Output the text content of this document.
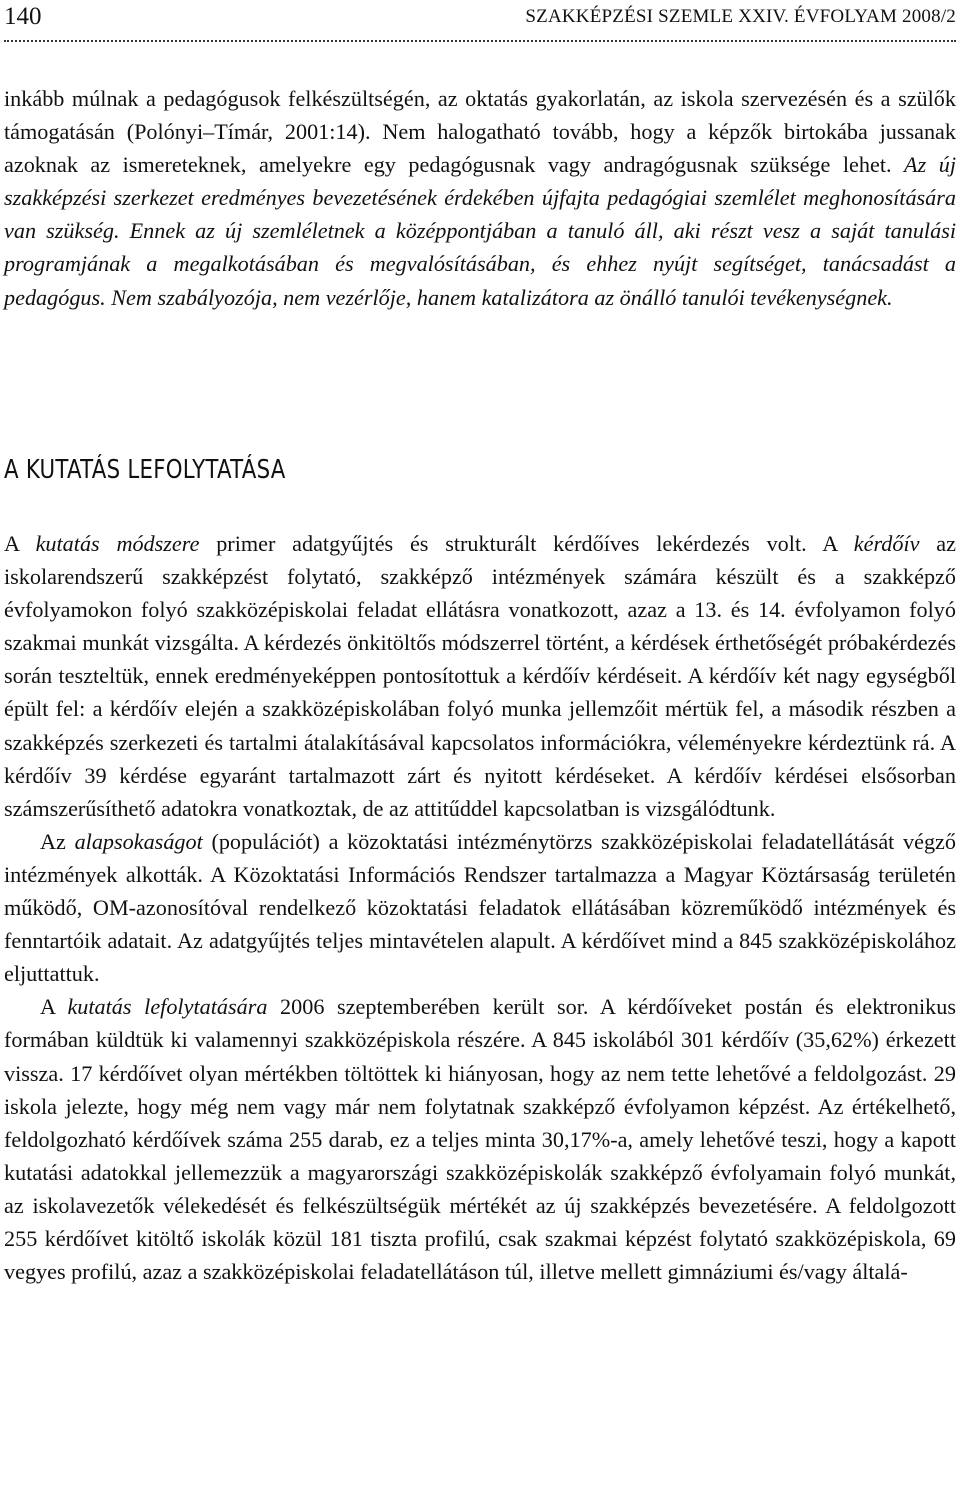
140	SZAKKÉPZÉSI SZEMLE XXIV. ÉVFOLYAM 2008/2

inkább múlnak a pedagógusok felkészültségén, az oktatás gyakorlatán, az iskola szervezésén és a szülők támogatásán (Polónyi–Tímár, 2001:14). Nem halogatható tovább, hogy a képzők birtokába jussanak azoknak az ismereteknek, amelyekre egy pedagógusnak vagy andragógusnak szüksége lehet. Az új szakképzési szerkezet eredményes bevezetésének érdekében újfajta pedagógiai szemlélet meghonosítására van szükség. Ennek az új szemléletnek a középpontjában a tanuló áll, aki részt vesz a saját tanulási programjának a megalkotásában és megvalósításában, és ehhez nyújt segítséget, tanácsadást a pedagógus. Nem szabályozója, nem vezérlője, hanem katalizátora az önálló tanulói tevékenységnek.

A KUTATÁS LEFOLYTATÁSA

A kutatás módszere primer adatgyűjtés és strukturált kérdőíves lekérdezés volt. A kérdőív az iskolarendszerű szakképzést folytató, szakképző intézmények számára készült és a szakképző évfolyamokon folyó szakközépiskolai feladat ellátásra vonatkozott, azaz a 13. és 14. évfolyamon folyó szakmai munkát vizsgálta. A kérdezés önkitöltős módszerrel történt, a kérdések érthetőségét próbakérdezés során teszteltük, ennek eredményeképpen pontosítottuk a kérdőív kérdéseit. A kérdőív két nagy egységből épült fel: a kérdőív elején a szakközépiskolában folyó munka jellemzőit mértük fel, a második részben a szakképzés szerkezeti és tartalmi átalakításával kapcsolatos információkra, véleményekre kérdeztünk rá. A kérdőív 39 kérdése egyaránt tartalmazott zárt és nyitott kérdéseket. A kérdőív kérdései elsősorban számszerűsíthető adatokra vonatkoztak, de az attitűddel kapcsolatban is vizsgálódtunk.

Az alapsokaságot (populációt) a közoktatási intézménytörzs szakközépiskolai feladatellátását végző intézmények alkották. A Közoktatási Információs Rendszer tartalmazza a Magyar Köztársaság területén működő, OM-azonosítóval rendelkező közoktatási feladatok ellátásában közreműködő intézmények és fenntartóik adatait. Az adatgyűjtés teljes mintavételen alapult. A kérdőívet mind a 845 szakközépiskolához eljuttattuk.

A kutatás lefolytatására 2006 szeptemberében került sor. A kérdőíveket postán és elektronikus formában küldtük ki valamennyi szakközépiskola részére. A 845 iskolából 301 kérdőív (35,62%) érkezett vissza. 17 kérdőívet olyan mértékben töltöttek ki hiányosan, hogy az nem tette lehetővé a feldolgozást. 29 iskola jelezte, hogy még nem vagy már nem folytatnak szakképző évfolyamon képzést. Az értékelhető, feldolgozható kérdőívek száma 255 darab, ez a teljes minta 30,17%-a, amely lehetővé teszi, hogy a kapott kutatási adatokkal jellemezzük a magyarországi szakközépiskolák szakképző évfolyamain folyó munkát, az iskolavezetők vélekedését és felkészültségük mértékét az új szakképzés bevezetésére. A feldolgozott 255 kérdőívet kitöltő iskolák közül 181 tiszta profilú, csak szakmai képzést folytató szakközépiskola, 69 vegyes profilú, azaz a szakközépiskolai feladatellátáson túl, illetve mellett gimnáziumi és/vagy általá-
